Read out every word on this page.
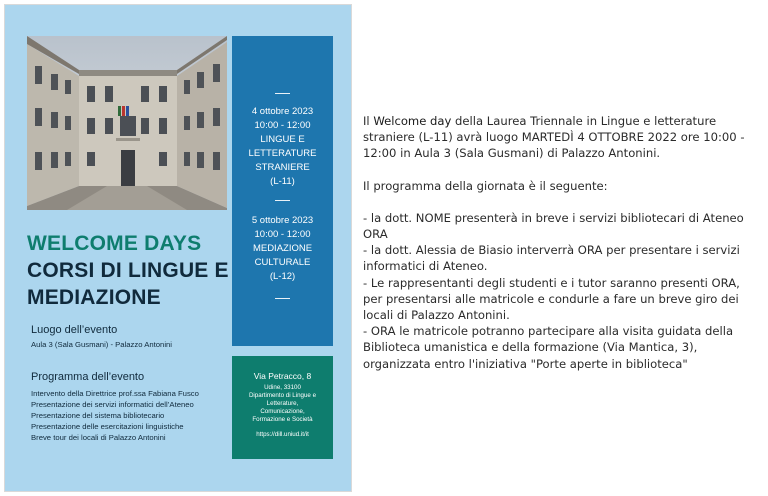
4 ottobre 2023
10:00 - 12:00
LINGUE E
LETTERATURE
STRANIERE
(L-11)
5 ottobre 2023
10:00 - 12:00
MEDIAZIONE
CULTURALE
(L-12)
Via Petracco, 8
Udine, 33100
Dipartimento di Lingue e
Letterature,
Comunicazione,
Formazione e Società
https://dill.uniud.it/it
WELCOME DAYS
CORSI DI LINGUE E
MEDIAZIONE
Luogo dell’evento
Aula 3 (Sala Gusmani) - Palazzo Antonini
Programma dell’evento
Intervento della Direttrice prof.ssa Fabiana Fusco
Presentazione dei servizi informatici dell’Ateneo
Presentazione del sistema bibliotecario
Presentazione delle esercitazioni linguistiche
Breve tour dei locali di Palazzo Antonini

Il Welcome day della Laurea Triennale in Lingue e letterature

straniere (L-11) avrà luogo MARTEDÌ 4 OTTOBRE 2022 ore 10:00 -

12:00 in Aula 3 (Sala Gusmani) di Palazzo Antonini.

Il programma della giornata è il seguente:

- la dott. NOME presenterà in breve i servizi bibliotecari di Ateneo

ORA

- la dott. Alessia de Biasio interverrà ORA per presentare i servizi

informatici di Ateneo.

- Le rappresentanti degli studenti e i tutor saranno presenti ORA,

per presentarsi alle matricole e condurle a fare un breve giro dei

locali di Palazzo Antonini.

- ORA le matricole potranno partecipare alla visita guidata della

Biblioteca umanistica e della formazione (Via Mantica, 3),

organizzata entro l'iniziativa "Porte aperte in biblioteca"
